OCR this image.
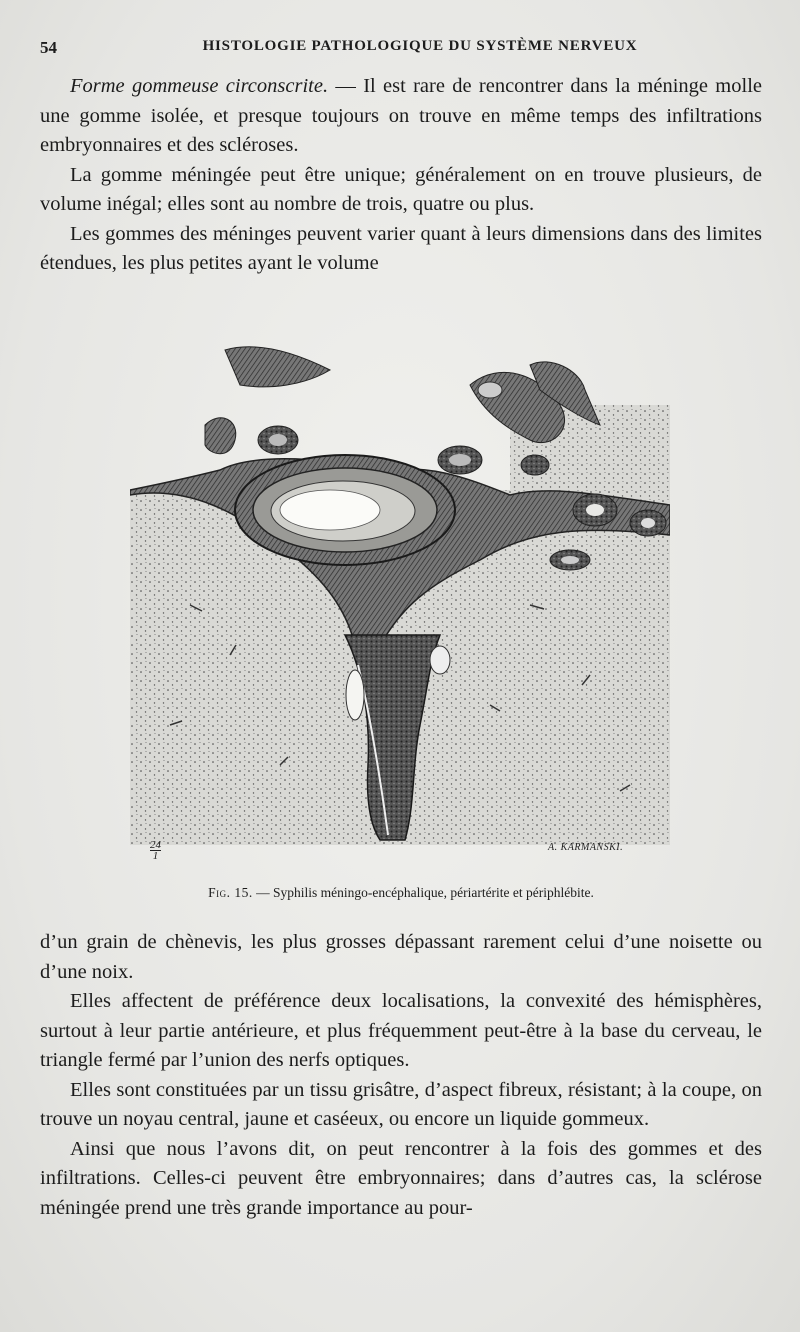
54	HISTOLOGIE PATHOLOGIQUE DU SYSTÈME NERVEUX

Forme gommeuse circonscrite. — Il est rare de rencontrer dans la méninge molle une gomme isolée, et presque toujours on trouve en même temps des infiltrations embryonnaires et des scléroses.

La gomme méningée peut être unique; généralement on en trouve plusieurs, de volume inégal; elles sont au nombre de trois, quatre ou plus.

Les gommes des méninges peuvent varier quant à leurs dimensions dans des limites étendues, les plus petites ayant le volume

$\frac{24}{1}$	A. KARMANSKI.
Fig. 15. — Syphilis méningo-encéphalique, périartérite et périphlébite.

d’un grain de chènevis, les plus grosses dépassant rarement celui d’une noisette ou d’une noix.

Elles affectent de préférence deux localisations, la convexité des hémisphères, surtout à leur partie antérieure, et plus fréquemment peut-être à la base du cerveau, le triangle fermé par l’union des nerfs optiques.

Elles sont constituées par un tissu grisâtre, d’aspect fibreux, résistant; à la coupe, on trouve un noyau central, jaune et caséeux, ou encore un liquide gommeux.

Ainsi que nous l’avons dit, on peut rencontrer à la fois des gommes et des infiltrations. Celles-ci peuvent être embryonnaires; dans d’autres cas, la sclérose méningée prend une très grande importance au pour-
